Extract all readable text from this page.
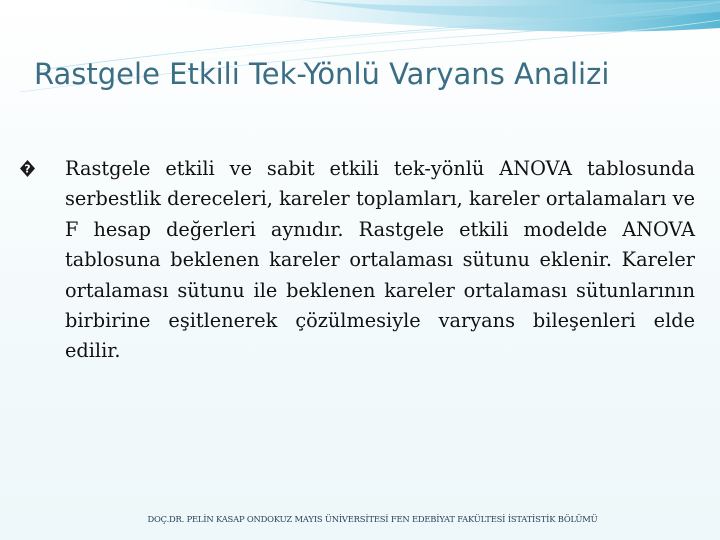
Rastgele Etkili Tek-Yönlü Varyans Analizi

? Rastgele etkili ve sabit etkili tek-yönlü ANOVA tablosunda serbestlik dereceleri, kareler toplamları, kareler ortalamaları ve F hesap değerleri aynıdır. Rastgele etkili modelde ANOVA tablosuna beklenen kareler ortalaması sütunu eklenir. Kareler ortalaması sütunu ile beklenen kareler ortalaması sütunlarının birbirine eşitlenerek çözülmesiyle varyans bileşenleri elde edilir.

DOÇ.DR. PELİN KASAP ONDOKUZ MAYIS ÜNİVERSİTESİ FEN EDEBİYAT FAKÜLTESİ İSTATİSTİK BÖLÜMÜ
